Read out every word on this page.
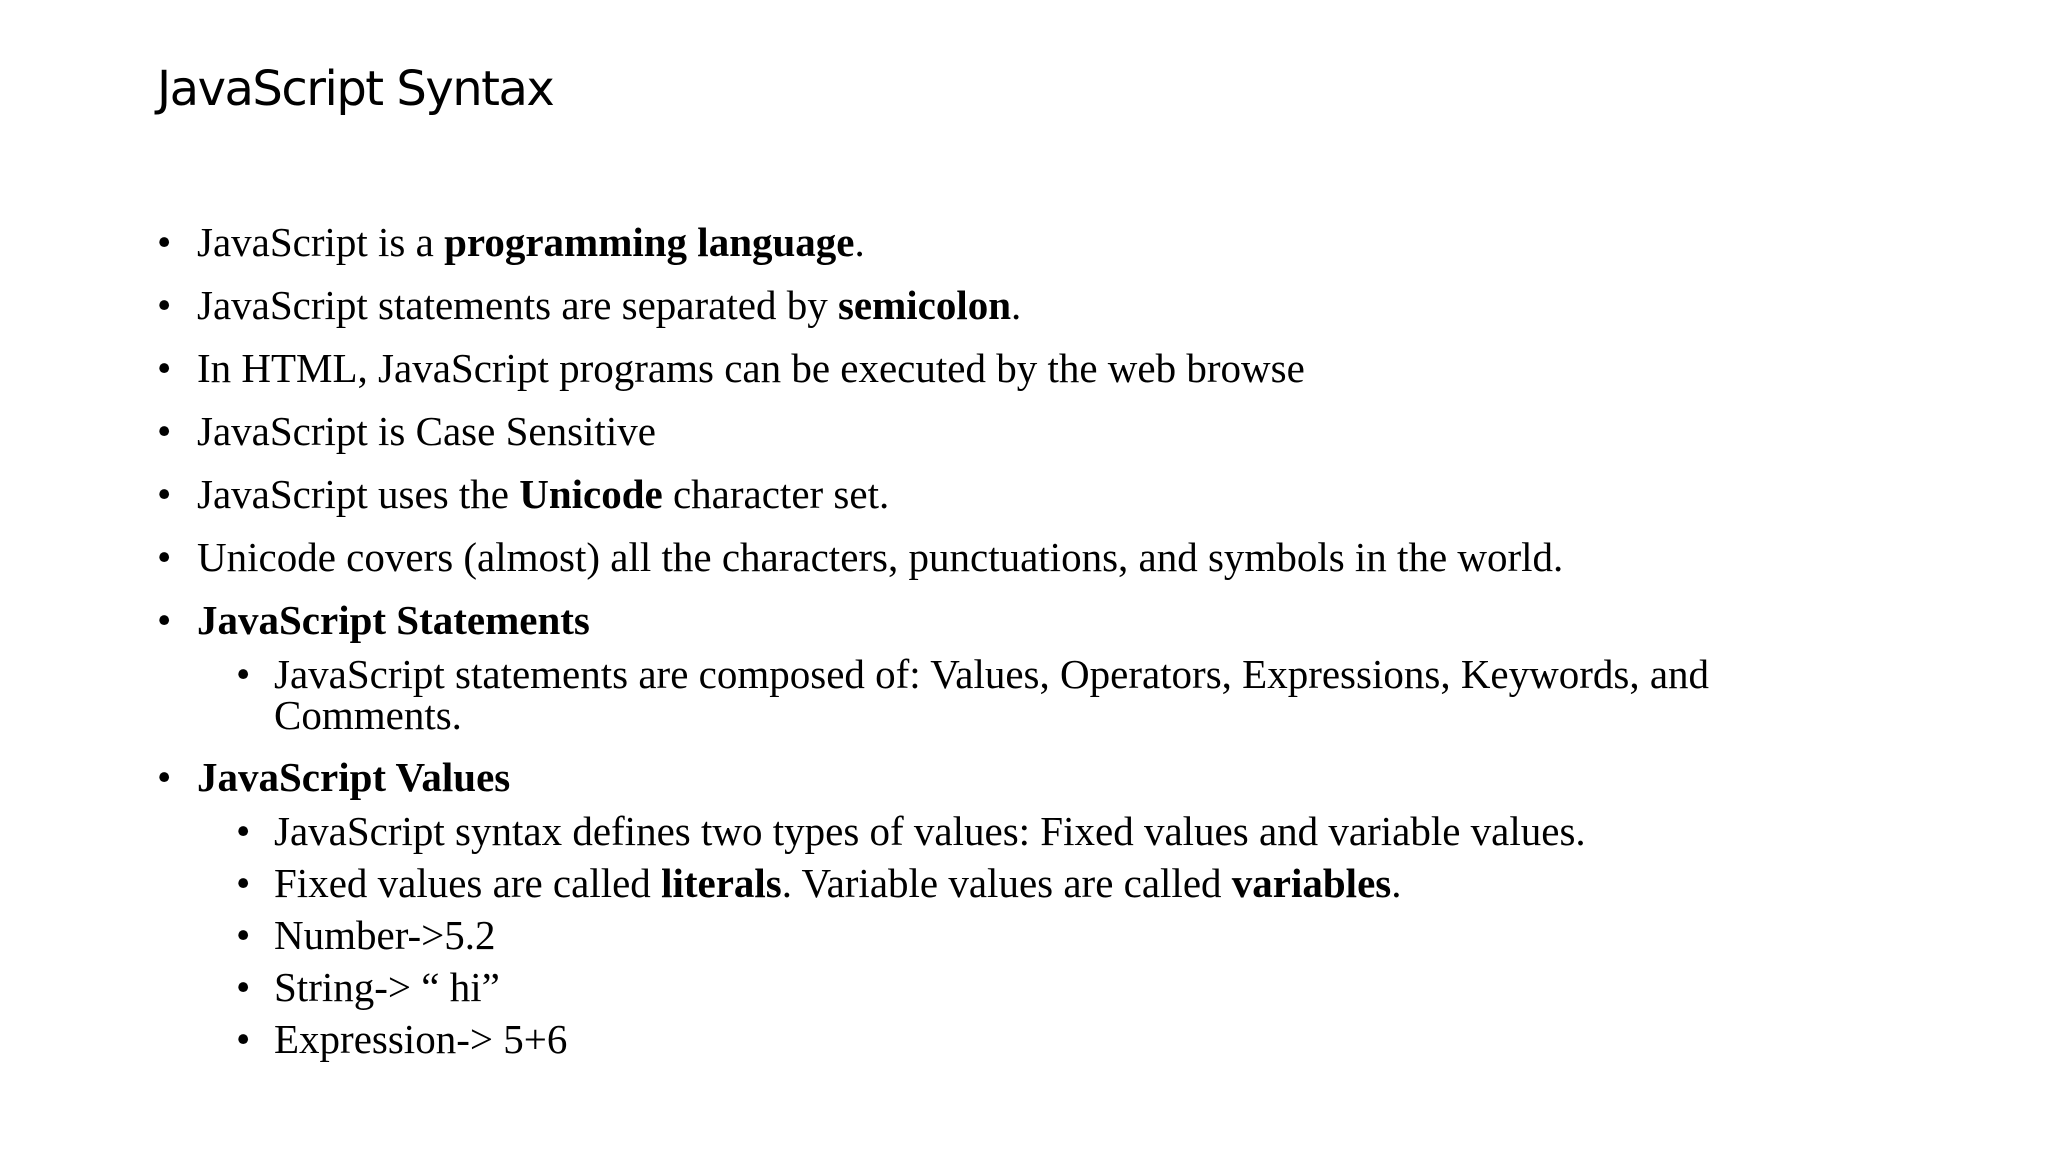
JavaScript Syntax
• JavaScript is a programming language.
• JavaScript statements are separated by semicolon.
• In HTML, JavaScript programs can be executed by the web browse
• JavaScript is Case Sensitive
• JavaScript uses the Unicode character set.
• Unicode covers (almost) all the characters, punctuations, and symbols in the world.
• JavaScript Statements
• JavaScript statements are composed of: Values, Operators, Expressions, Keywords, and
Comments.
• JavaScript Values
• JavaScript syntax defines two types of values: Fixed values and variable values.
• Fixed values are called literals. Variable values are called variables.
• Number->5.2
• String-> “ hi”
• Expression-> 5+6
